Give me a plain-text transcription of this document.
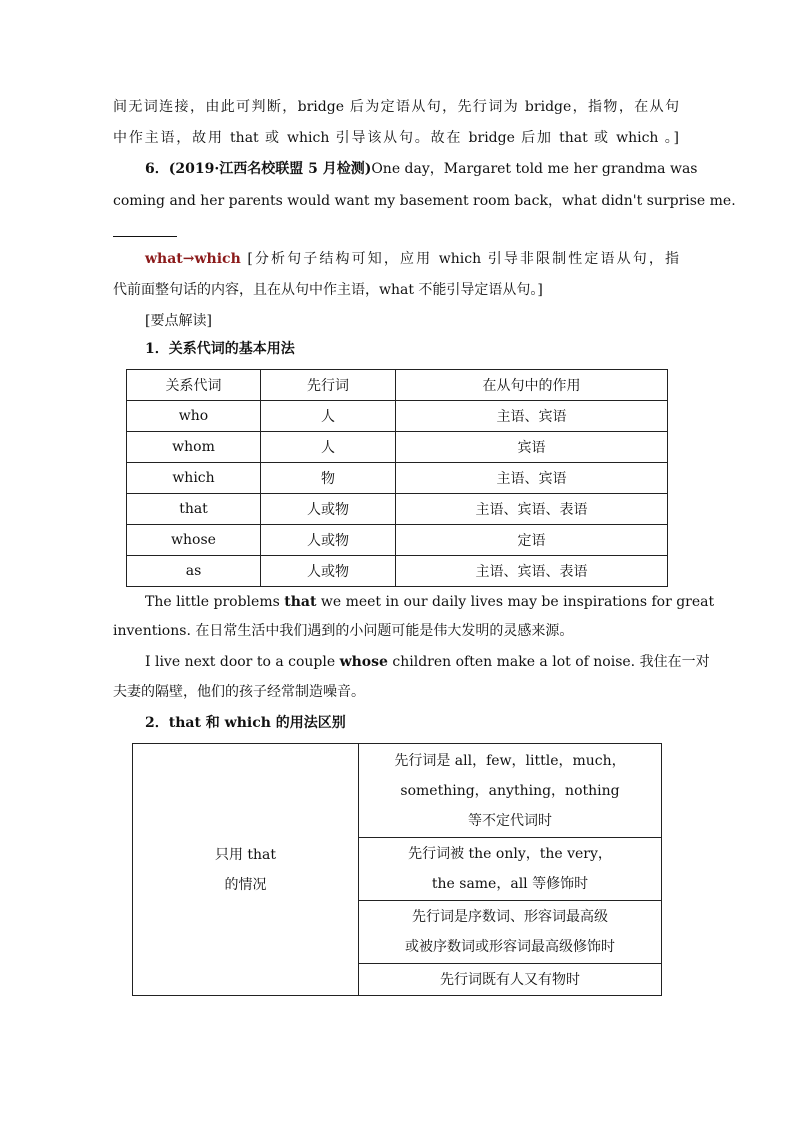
间无词连接，由此可判断，bridge 后为定语从句，先行词为 bridge，指物，在从句
中作主语，故用 that 或 which 引导该从句。故在 bridge 后加 that 或 which 。]
6．(2019·江西名校联盟 5 月检测)One day，Margaret told me her grandma was
coming and her parents would want my basement room back，what didn't surprise me.
what→which [分析句子结构可知，应用 which 引导非限制性定语从句，指
代前面整句话的内容，且在从句中作主语，what 不能引导定语从句。]
[要点解读]
1．关系代词的基本用法
关系代词	先行词	在从句中的作用
who	人	主语、宾语
whom	人	宾语
which	物	主语、宾语
that	人或物	主语、宾语、表语
whose	人或物	定语
as	人或物	主语、宾语、表语
The little problems that we meet in our daily lives may be inspirations for great
inventions. 在日常生活中我们遇到的小问题可能是伟大发明的灵感来源。
I live next door to a couple whose children often make a lot of noise. 我住在一对
夫妻的隔壁，他们的孩子经常制造噪音。
2．that 和 which 的用法区别
只用 that
的情况

先行词是 all，few，little，much，
something，anything，nothing
等不定代词时

先行词被 the only，the very，
the same，all 等修饰时

先行词是序数词、形容词最高级
或被序数词或形容词最高级修饰时

先行词既有人又有物时
